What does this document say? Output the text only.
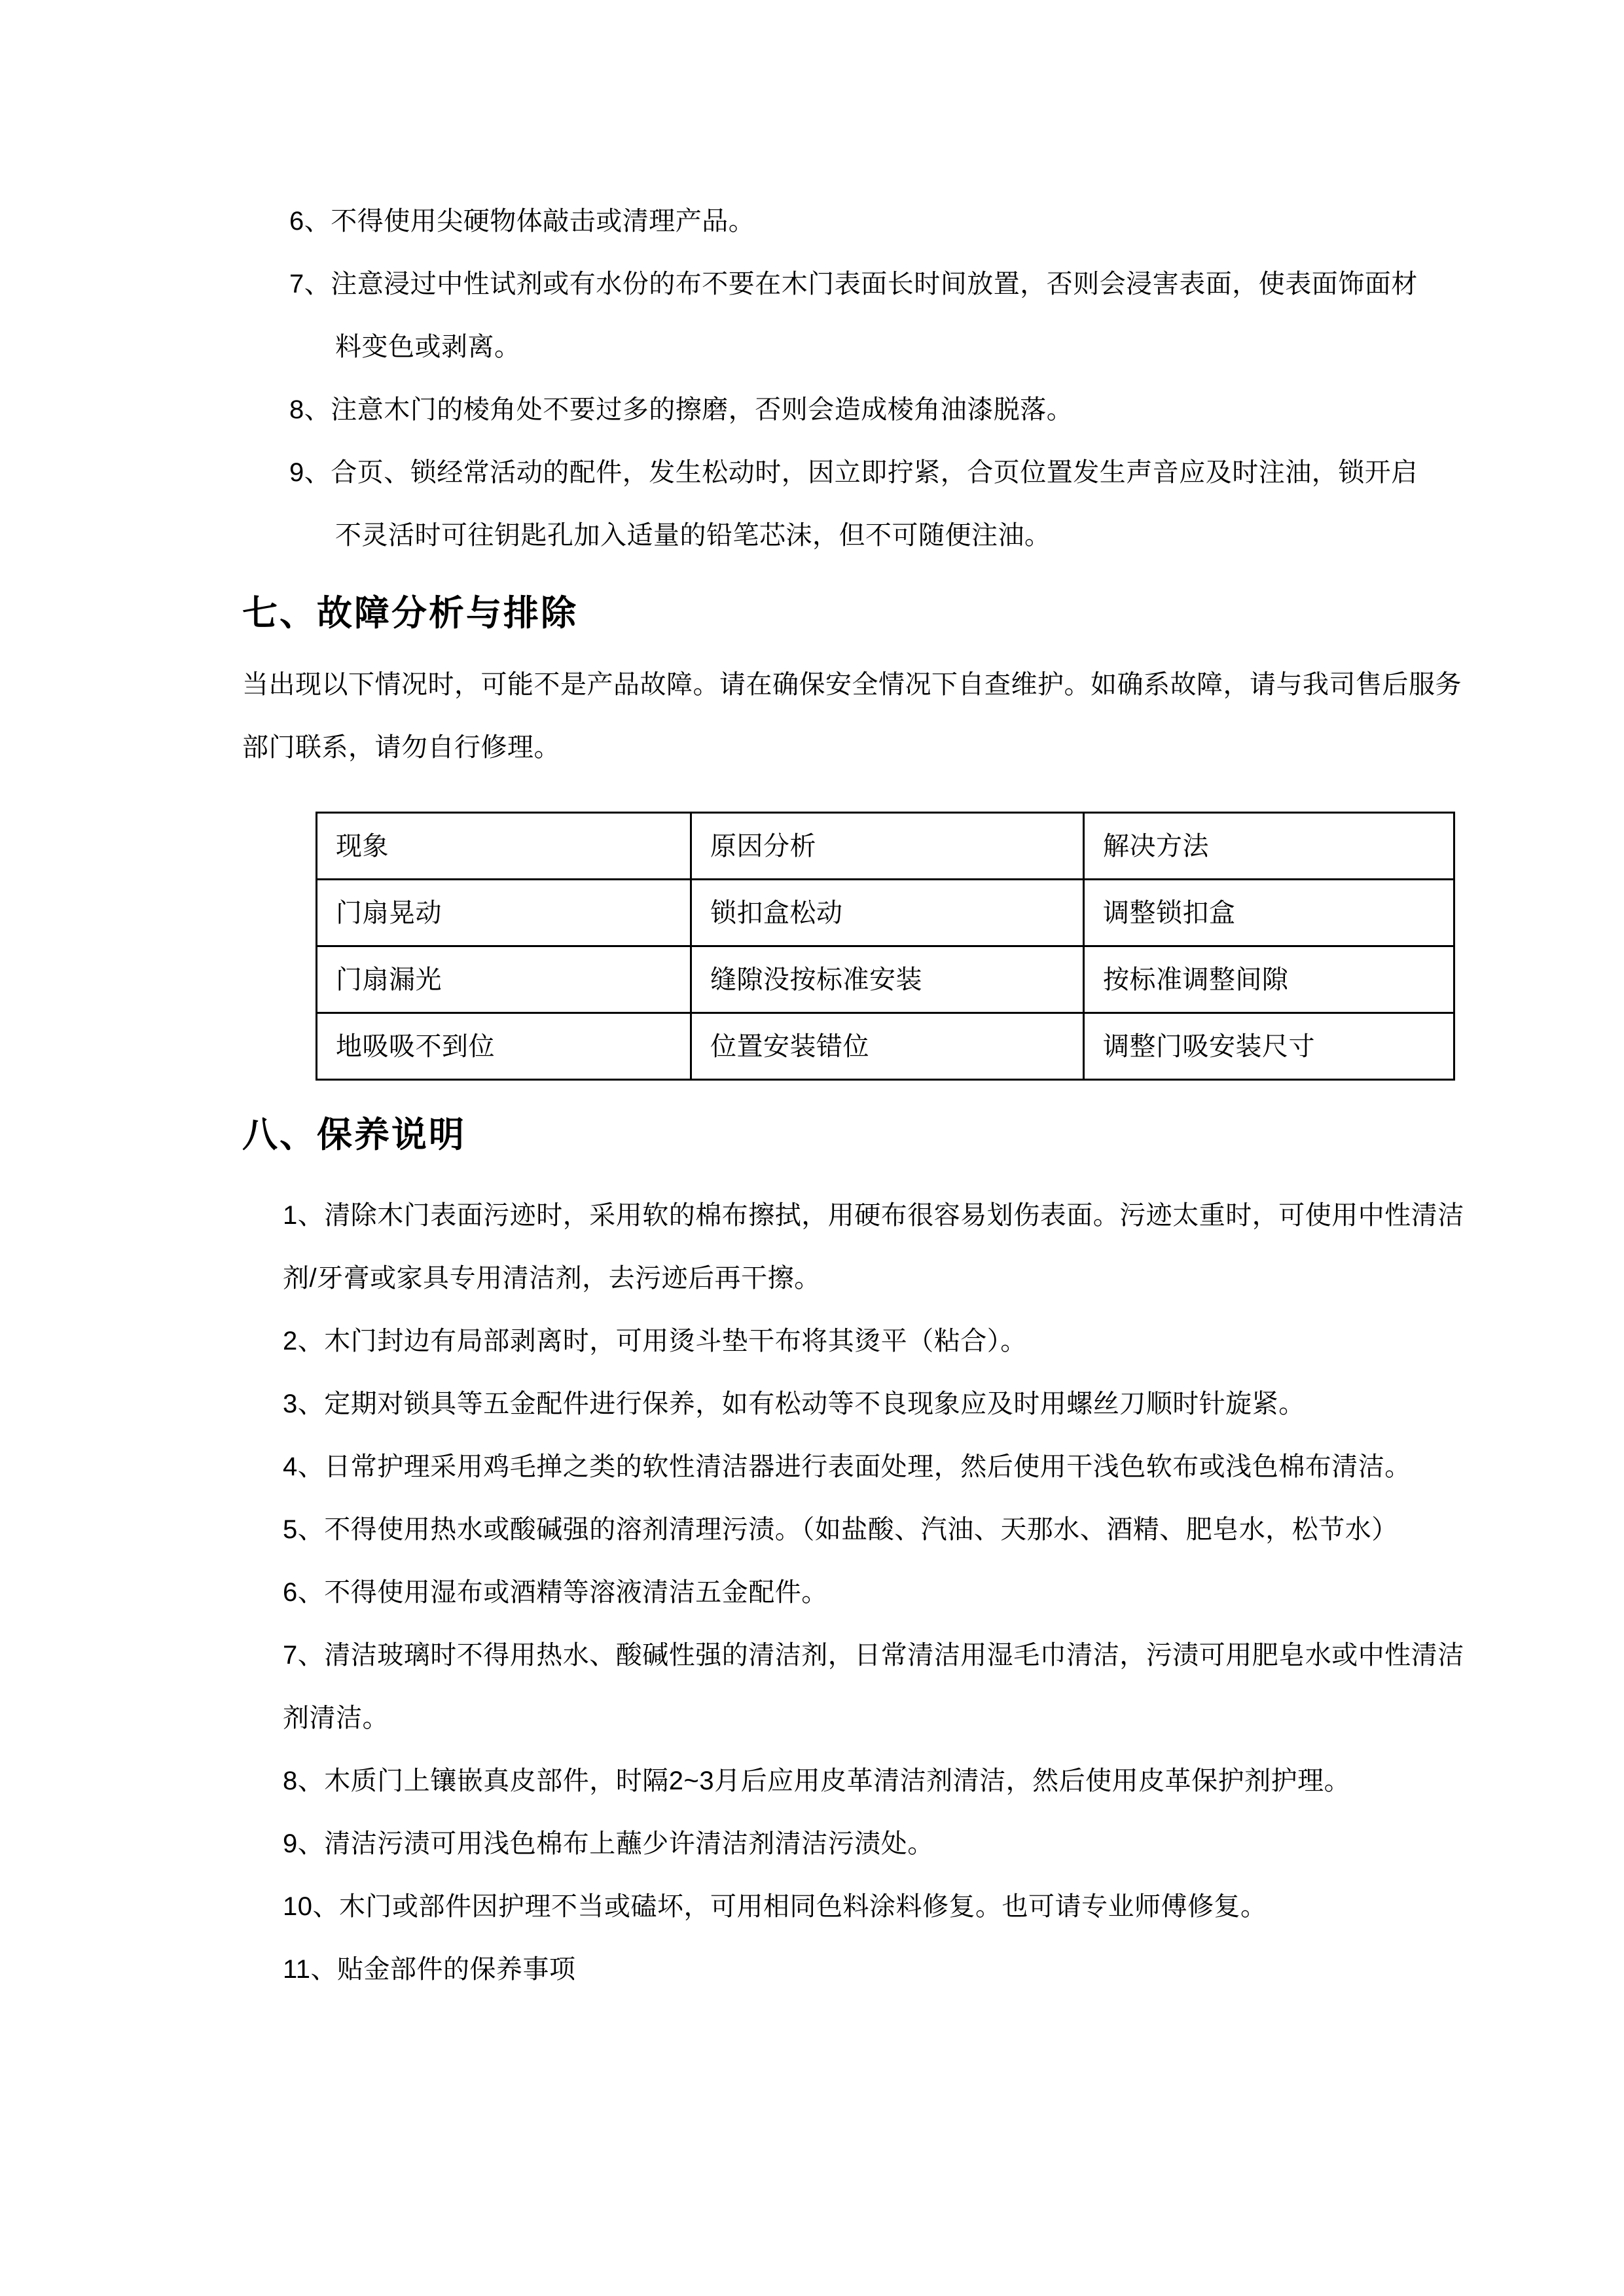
6、不得使用尖硬物体敲击或清理产品。
7、注意浸过中性试剂或有水份的布不要在木门表面长时间放置，否则会浸害表面，使表面饰面材料变色或剥离。
8、注意木门的棱角处不要过多的擦磨，否则会造成棱角油漆脱落。
9、合页、锁经常活动的配件，发生松动时，因立即拧紧，合页位置发生声音应及时注油，锁开启不灵活时可往钥匙孔加入适量的铅笔芯沫，但不可随便注油。
七、故障分析与排除

当出现以下情况时，可能不是产品故障。请在确保安全情况下自查维护。如确系故障，请与我司售后服务部门联系，请勿自行修理。

现象	原因分析	解决方法
门扇晃动	锁扣盒松动	调整锁扣盒
门扇漏光	缝隙没按标准安装	按标准调整间隙
地吸吸不到位	位置安装错位	调整门吸安装尺寸
八、保养说明
1、清除木门表面污迹时，采用软的棉布擦拭，用硬布很容易划伤表面。污迹太重时，可使用中性清洁剂/牙膏或家具专用清洁剂，去污迹后再干擦。
2、木门封边有局部剥离时，可用烫斗垫干布将其烫平（粘合）。
3、定期对锁具等五金配件进行保养，如有松动等不良现象应及时用螺丝刀顺时针旋紧。
4、日常护理采用鸡毛掸之类的软性清洁器进行表面处理，然后使用干浅色软布或浅色棉布清洁。
5、不得使用热水或酸碱强的溶剂清理污渍。（如盐酸、汽油、天那水、酒精、肥皂水，松节水）
6、不得使用湿布或酒精等溶液清洁五金配件。
7、清洁玻璃时不得用热水、酸碱性强的清洁剂，日常清洁用湿毛巾清洁，污渍可用肥皂水或中性清洁剂清洁。
8、木质门上镶嵌真皮部件，时隔2~3月后应用皮革清洁剂清洁，然后使用皮革保护剂护理。
9、清洁污渍可用浅色棉布上蘸少许清洁剂清洁污渍处。
10、木门或部件因护理不当或磕坏，可用相同色料涂料修复。也可请专业师傅修复。
11、贴金部件的保养事项
